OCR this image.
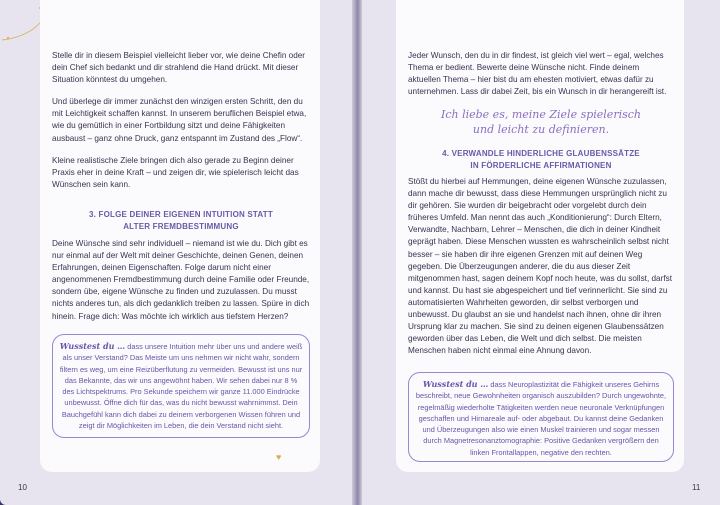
Stelle dir in diesem Beispiel vielleicht lieber vor, wie deine Chefin oder dein Chef sich bedankt und dir strahlend die Hand drückt. Mit dieser Situation könntest du umgehen.

Und überlege dir immer zunächst den winzigen ersten Schritt, den du mit Leichtigkeit schaffen kannst. In unserem beruflichen Beispiel etwa, wie du gemütlich in einer Fortbildung sitzt und deine Fähigkeiten ausbaust – ganz ohne Druck, ganz entspannt im Zustand des „Flow“.

Kleine realistische Ziele bringen dich also gerade zu Beginn deiner Praxis eher in deine Kraft – und zeigen dir, wie spielerisch leicht das Wünschen sein kann.

3. FOLGE DEINER EIGENEN INTUITION STATT
ALTER FREMDBESTIMMUNG

Deine Wünsche sind sehr individuell – niemand ist wie du. Dich gibt es nur einmal auf der Welt mit deiner Geschichte, deinen Genen, deinen Erfahrungen, deinen Eigenschaften. Folge darum nicht einer angenommenen Fremdbestimmung durch deine Familie oder Freunde, sondern übe, eigene Wünsche zu finden und zuzulassen. Du musst nichts anderes tun, als dich gedanklich treiben zu lassen. Spüre in dich hinein. Frage dich: Was möchte ich wirklich aus tiefstem Herzen?

Wusstest du … dass unsere Intuition mehr über uns und andere weiß als unser Verstand? Das Meiste um uns nehmen wir nicht wahr, sondern filtern es weg, um eine Reizüberflutung zu vermeiden. Bewusst ist uns nur das Bekannte, das wir uns angewöhnt haben. Wir sehen dabei nur 8 % des Lichtspektrums. Pro Sekunde speichern wir ganze 11.000 Eindrücke unbewusst. Öffne dich für das, was du nicht bewusst wahrnimmst. Dein Bauchgefühl kann dich dabei zu deinem verborgenen Wissen führen und zeigt dir Möglichkeiten im Leben, die dein Verstand nicht sieht.
♥
10

Jeder Wunsch, den du in dir findest, ist gleich viel wert – egal, welches Thema er bedient. Bewerte deine Wünsche nicht. Finde deinem aktuellen Thema – hier bist du am ehesten motiviert, etwas dafür zu unternehmen. Lass dir dabei Zeit, bis ein Wunsch in dir herangereift ist.

Ich liebe es, meine Ziele spielerisch
und leicht zu definieren.
4. VERWANDLE HINDERLICHE GLAUBENSSÄTZE
IN FÖRDERLICHE AFFIRMATIONEN

Stößt du hierbei auf Hemmungen, deine eigenen Wünsche zuzulassen, dann mache dir bewusst, dass diese Hemmungen ursprünglich nicht zu dir gehören. Sie wurden dir beigebracht oder vorgelebt durch dein früheres Umfeld. Man nennt das auch „Konditionierung“: Durch Eltern, Verwandte, Nachbarn, Lehrer – Menschen, die dich in deiner Kindheit geprägt haben. Diese Menschen wussten es wahrscheinlich selbst nicht besser – sie haben dir ihre eigenen Grenzen mit auf deinen Weg gegeben. Die Überzeugungen anderer, die du aus dieser Zeit mitgenommen hast, sagen deinem Kopf noch heute, was du sollst, darfst und kannst. Du hast sie abgespeichert und tief verinnerlicht. Sie sind zu automatisierten Wahrheiten geworden, dir selbst verborgen und unbewusst. Du glaubst an sie und handelst nach ihnen, ohne dir ihren Ursprung klar zu machen. Sie sind zu deinen eigenen Glaubenssätzen geworden über das Leben, die Welt und dich selbst. Die meisten Menschen haben nicht einmal eine Ahnung davon.

Wusstest du … dass Neuroplastizität die Fähigkeit unseres Gehirns beschreibt, neue Gewohnheiten organisch auszubilden? Durch ungewohnte, regelmäßig wiederholte Tätigkeiten werden neue neuronale Verknüpfungen geschaffen und Hirnareale auf- oder abgebaut. Du kannst deine Gedanken und Überzeugungen also wie einen Muskel trainieren und sogar messen durch Magnetresonanztomographie: Positive Gedanken vergrößern den linken Frontallappen, negative den rechten.
11
